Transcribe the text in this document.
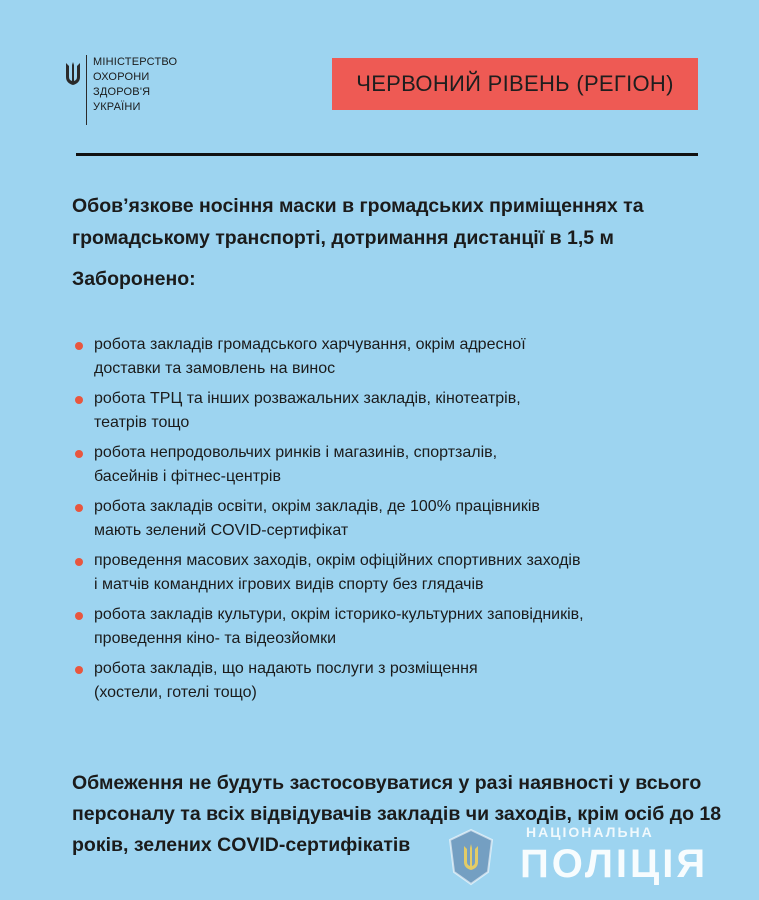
МІНІСТЕРСТВО
ОХОРОНИ
ЗДОРОВ'Я
УКРАЇНИ
ЧЕРВОНИЙ РІВЕНЬ (РЕГІОН)
Обов’язкове носіння маски в громадських приміщеннях та громадському транспорті, дотримання дистанції в 1,5 м
Заборонено:
робота закладів громадського харчування, окрім адресної
доставки та замовлень на винос
робота ТРЦ та інших розважальних закладів, кінотеатрів,
театрів тощо
робота непродовольчих ринків і магазинів, спортзалів,
басейнів і фітнес-центрів
робота закладів освіти, окрім закладів, де 100% працівників
мають зелений COVID-сертифікат
проведення масових заходів, окрім офіційних спортивних заходів
і матчів командних ігрових видів спорту без глядачів
робота закладів культури, окрім історико-культурних заповідників,
проведення кіно- та відеозйомки
робота закладів, що надають послуги з розміщення
(хостели, готелі тощо)
Обмеження не будуть застосовуватися у разі наявності у всього персоналу та всіх відвідувачів закладів чи заходів, крім осіб до 18 років, зелених COVID-сертифікатів
НАЦІОНАЛЬНА
ПОЛІЦІЯ
